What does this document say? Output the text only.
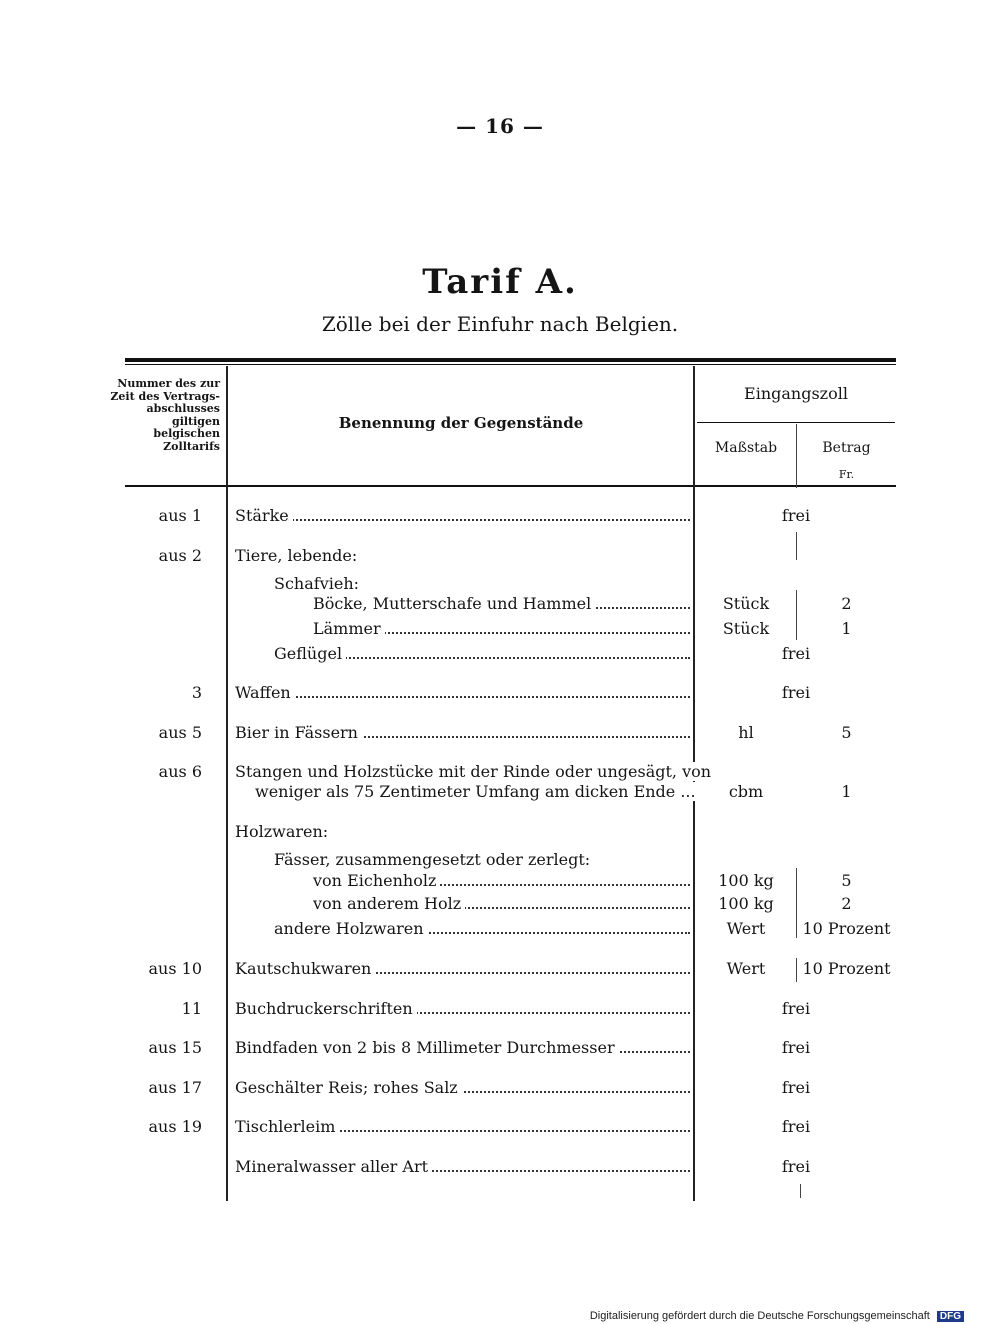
— 16 —
Tarif A.
Zölle bei der Einfuhr nach Belgien.
Nummer des zur Zeit des Vertrags-abschlusses giltigen belgischen Zolltarifs
Benennung der Gegenstände
Eingangszoll
Maßstab	Betrag
Fr.
aus 1 Stärke	frei
aus 2 Tiere, lebende:
Schafvieh:
Böcke, Mutterschafe und Hammel	Stück	2
Lämmer	Stück	1
Geflügel	frei
3 Waffen	frei
aus 5 Bier in Fässern	hl	5
aus 6 Stangen und Holzstücke mit der Rinde oder ungesägt, von
weniger als 75 Zentimeter Umfang am dicken Ende ...	cbm	1
Holzwaren:
Fässer, zusammengesetzt oder zerlegt:
von Eichenholz	100 kg	5
von anderem Holz	100 kg	2
andere Holzwaren	Wert	10 Prozent
aus 10 Kautschukwaren	Wert	10 Prozent
11 Buchdruckerschriften	frei
aus 15 Bindfaden von 2 bis 8 Millimeter Durchmesser	frei
aus 17 Geschälter Reis; rohes Salz	frei
aus 19 Tischlerleim	frei
Mineralwasser aller Art	frei
Digitalisierung gefördert durch die Deutsche Forschungsgemeinschaft DFG
